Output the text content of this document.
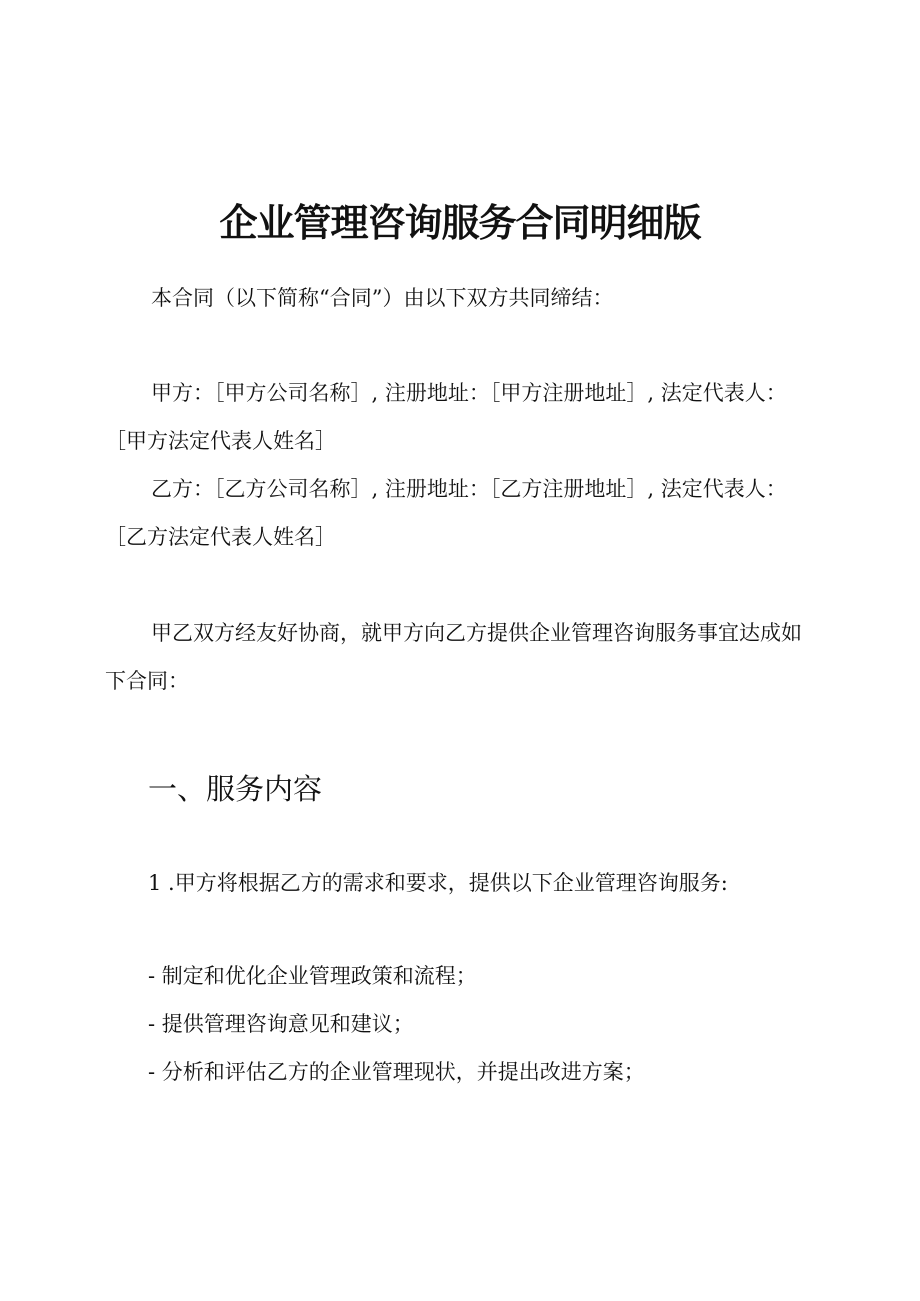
企业管理咨询服务合同明细版

本合同（以下简称“合同”）由以下双方共同缔结：

甲方：［甲方公司名称］, 注册地址：［甲方注册地址］, 法定代表人：［甲方法定代表人姓名］

乙方：［乙方公司名称］, 注册地址：［乙方注册地址］, 法定代表人：［乙方法定代表人姓名］

甲乙双方经友好协商，就甲方向乙方提供企业管理咨询服务事宜达成如下合同：

一、服务内容

1 .甲方将根据乙方的需求和要求，提供以下企业管理咨询服务:

- 制定和优化企业管理政策和流程；

- 提供管理咨询意见和建议；

- 分析和评估乙方的企业管理现状，并提出改进方案；
